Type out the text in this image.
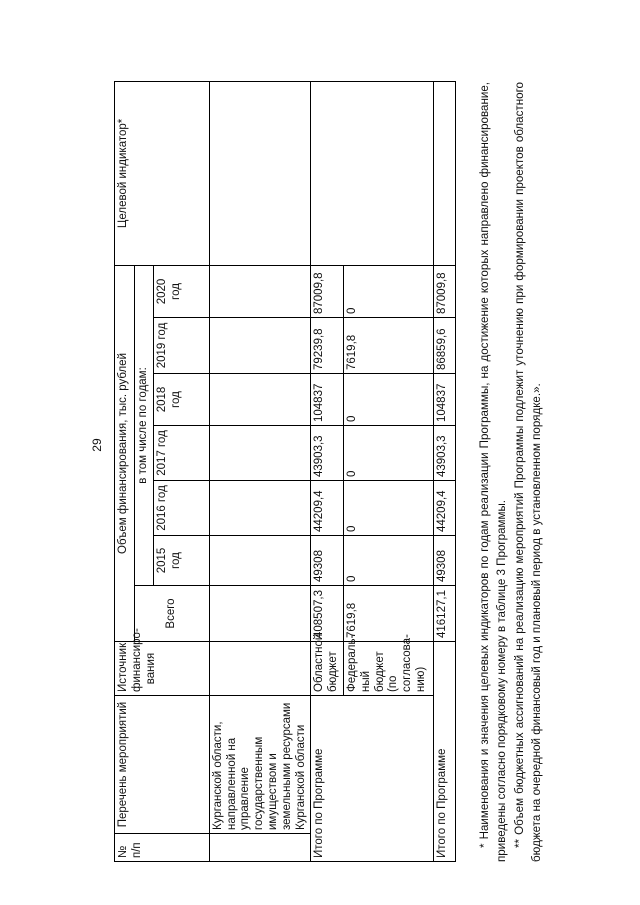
29
№ п/п	Перечень мероприятий	Источник финансиро-вания	Объем финансирования, тыс. рублей							Целевой индикатор*
			Всего	в том числе по годам:						
				2015 год	2016 год	2017 год	2018 год	2019 год	2020 год	
	Курганской области, направленной на управление государственным имуществом и земельными ресурсами Курганской области									
Итого по Программе		Областной бюджет	408507,3	49308	44209,4	43903,3	104837	79239,8	87009,8	
		Федераль-ный бюджет (по согласова-нию)	7619,8	0	0	0	0	7619,8	0	
Итого по Программе			416127,1	49308	44209,4	43903,3	104837	86859,6	87009,8		* Наименования и значения целевых индикаторов по годам реализации Программы, на достижение которых направлено финансирование, приведены согласно порядковому номеру в таблице 3 Программы. ** Объем бюджетных ассигнований на реализацию мероприятий Программы подлежит уточнению при формировании проектов областного бюджета на очередной финансовый год и плановый период в установленном порядке.».
